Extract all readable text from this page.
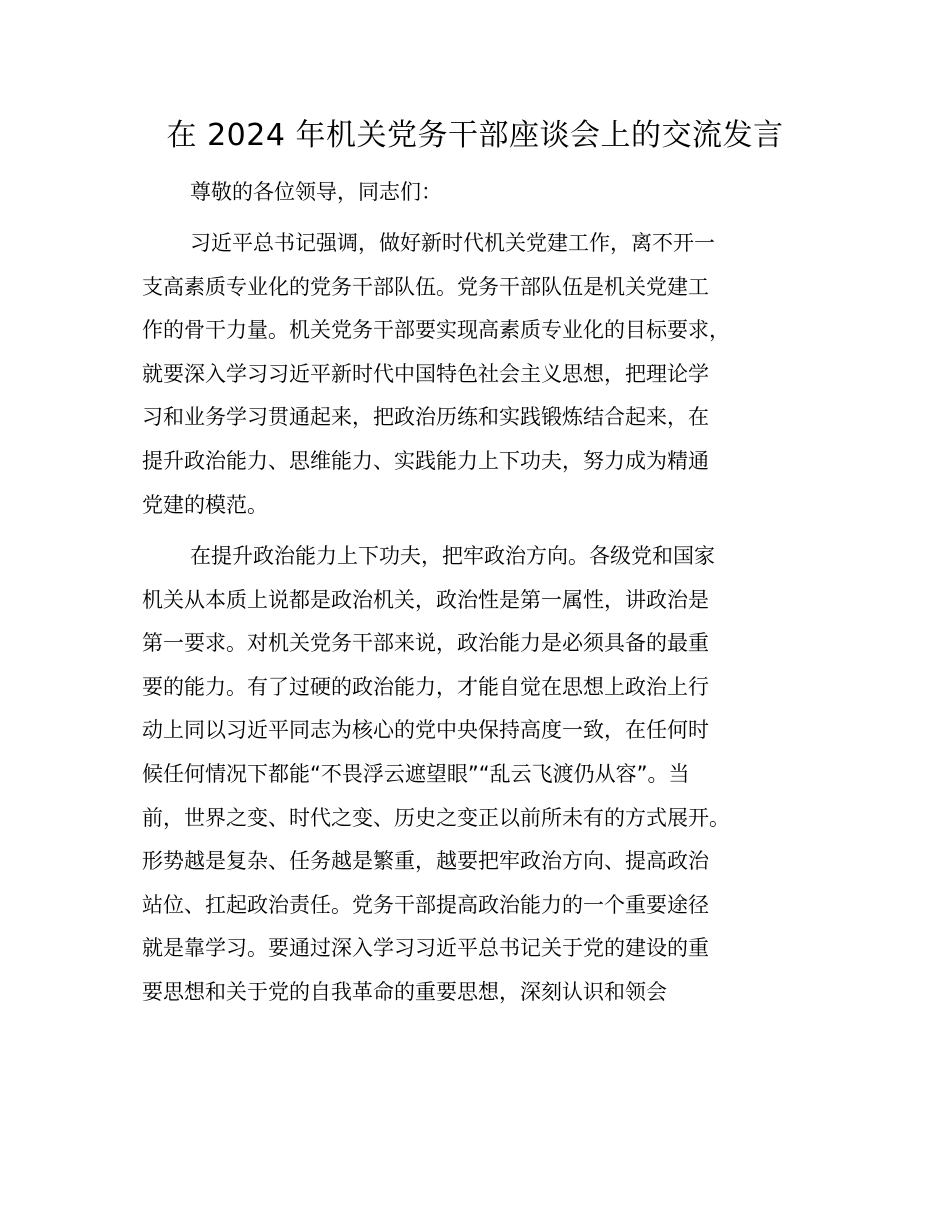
在 2024 年机关党务干部座谈会上的交流发言

尊敬的各位领导，同志们：

习近平总书记强调，做好新时代机关党建工作，离不开一
支高素质专业化的党务干部队伍。党务干部队伍是机关党建工
作的骨干力量。机关党务干部要实现高素质专业化的目标要求，
就要深入学习习近平新时代中国特色社会主义思想，把理论学
习和业务学习贯通起来，把政治历练和实践锻炼结合起来，在
提升政治能力、思维能力、实践能力上下功夫，努力成为精通
党建的模范。
在提升政治能力上下功夫，把牢政治方向。各级党和国家
机关从本质上说都是政治机关，政治性是第一属性，讲政治是
第一要求。对机关党务干部来说，政治能力是必须具备的最重
要的能力。有了过硬的政治能力，才能自觉在思想上政治上行
动上同以习近平同志为核心的党中央保持高度一致，在任何时
候任何情况下都能“不畏浮云遮望眼”“乱云飞渡仍从容”。当
前，世界之变、时代之变、历史之变正以前所未有的方式展开。
形势越是复杂、任务越是繁重，越要把牢政治方向、提高政治
站位、扛起政治责任。党务干部提高政治能力的一个重要途径
就是靠学习。要通过深入学习习近平总书记关于党的建设的重
要思想和关于党的自我革命的重要思想，深刻认识和领会
